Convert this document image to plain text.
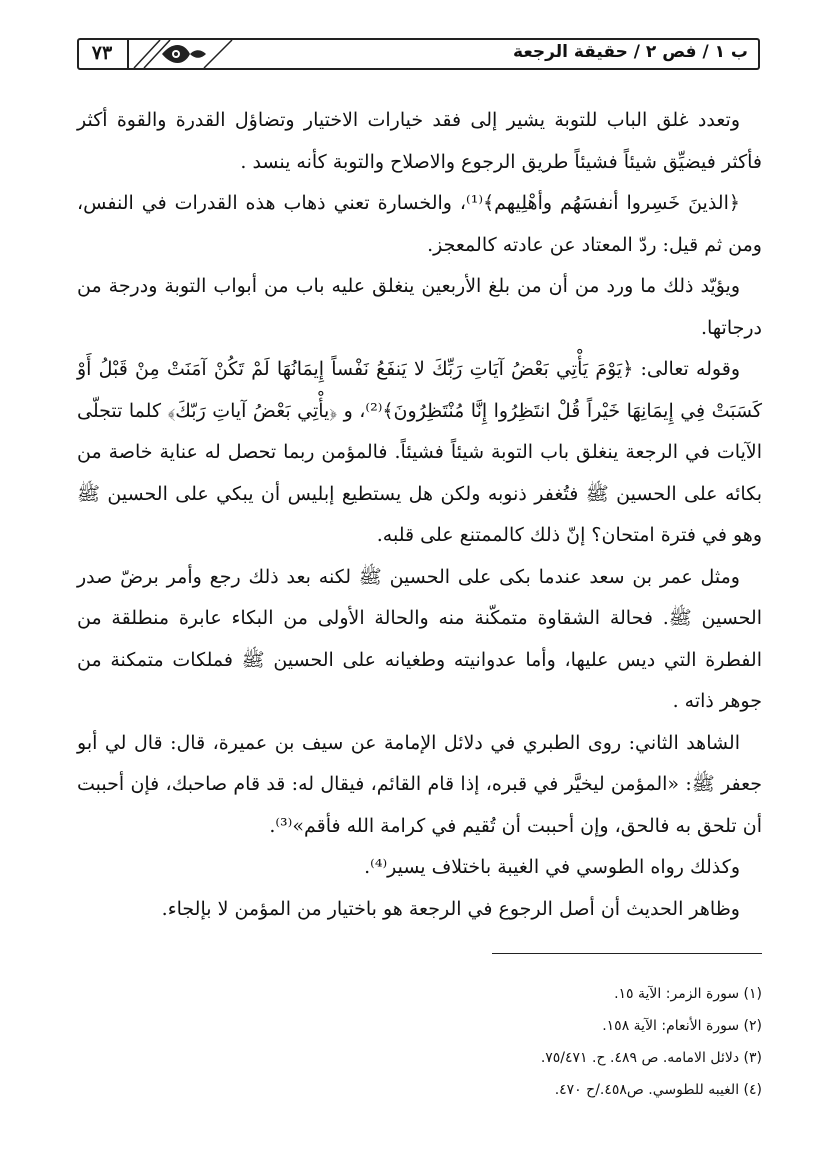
٧٣	ب ١ / فص ٢ / حقيقة الرجعة

وتعدد غلق الباب للتوبة يشير إلى فقد خيارات الاختيار وتضاؤل القدرة والقوة أكثر فأكثر فيضيِّق شيئاً فشيئاً طريق الرجوع والاصلاح والتوبة كأنه ينسد .

﴿الذينَ خَسِروا أنفسَهُم وأهْلِيهم﴾⁽¹⁾، والخسارة تعني ذهاب هذه القدرات في النفس، ومن ثم قيل: ردّ المعتاد عن عادته كالمعجز.

ويؤيّد ذلك ما ورد من أن من بلغ الأربعين ينغلق عليه باب من أبواب التوبة ودرجة من درجاتها.

وقوله تعالى: ﴿يَوْمَ يَأْتِي بَعْضُ آيَاتِ رَبِّكَ لا يَنفَعُ نَفْساً إِيمَانُهَا لَمْ تَكُنْ آمَنَتْ مِنْ قَبْلُ أَوْ كَسَبَتْ فِي إِيمَانِهَا خَيْراً قُلْ انتَظِرُوا إِنَّا مُنْتَظِرُونَ﴾⁽²⁾، و ﴿يأْتِي بَعْضُ آياتِ رَبّكَ﴾ كلما تتجلّى الآيات في الرجعة ينغلق باب التوبة شيئاً فشيئاً. فالمؤمن ربما تحصل له عناية خاصة من بكائه على الحسين ﷺ فتُغفر ذنوبه ولكن هل يستطيع إبليس أن يبكي على الحسين ﷺ وهو في فترة امتحان؟ إنّ ذلك كالممتنع على قلبه.

ومثل عمر بن سعد عندما بكى على الحسين ﷺ لكنه بعد ذلك رجع وأمر برضّ صدر الحسين ﷺ. فحالة الشقاوة متمكّنة منه والحالة الأولى من البكاء عابرة منطلقة من الفطرة التي ديس عليها، وأما عدوانيته وطغيانه على الحسين ﷺ فملكات متمكنة من جوهر ذاته .

الشاهد الثاني: روى الطبري في دلائل الإمامة عن سيف بن عميرة، قال: قال لي أبو جعفر ﷺ: «المؤمن ليخيَّر في قبره، إذا قام القائم، فيقال له: قد قام صاحبك، فإن أحببت أن تلحق به فالحق، وإن أحببت أن تُقيم في كرامة الله فأقم»⁽³⁾.

وكذلك رواه الطوسي في الغيبة باختلاف يسير⁽⁴⁾.

وظاهر الحديث أن أصل الرجوع في الرجعة هو باختيار من المؤمن لا بإلجاء.

(١) سورة الزمر: الآية ١٥.

(٢) سورة الأنعام: الآية ١٥٨.

(٣) دلائل الامامه. ص ٤٨٩. ح. ٧٥/٤٧١.

(٤) الغيبه للطوسي. ص٤٥٨./ح ٤٧٠.
